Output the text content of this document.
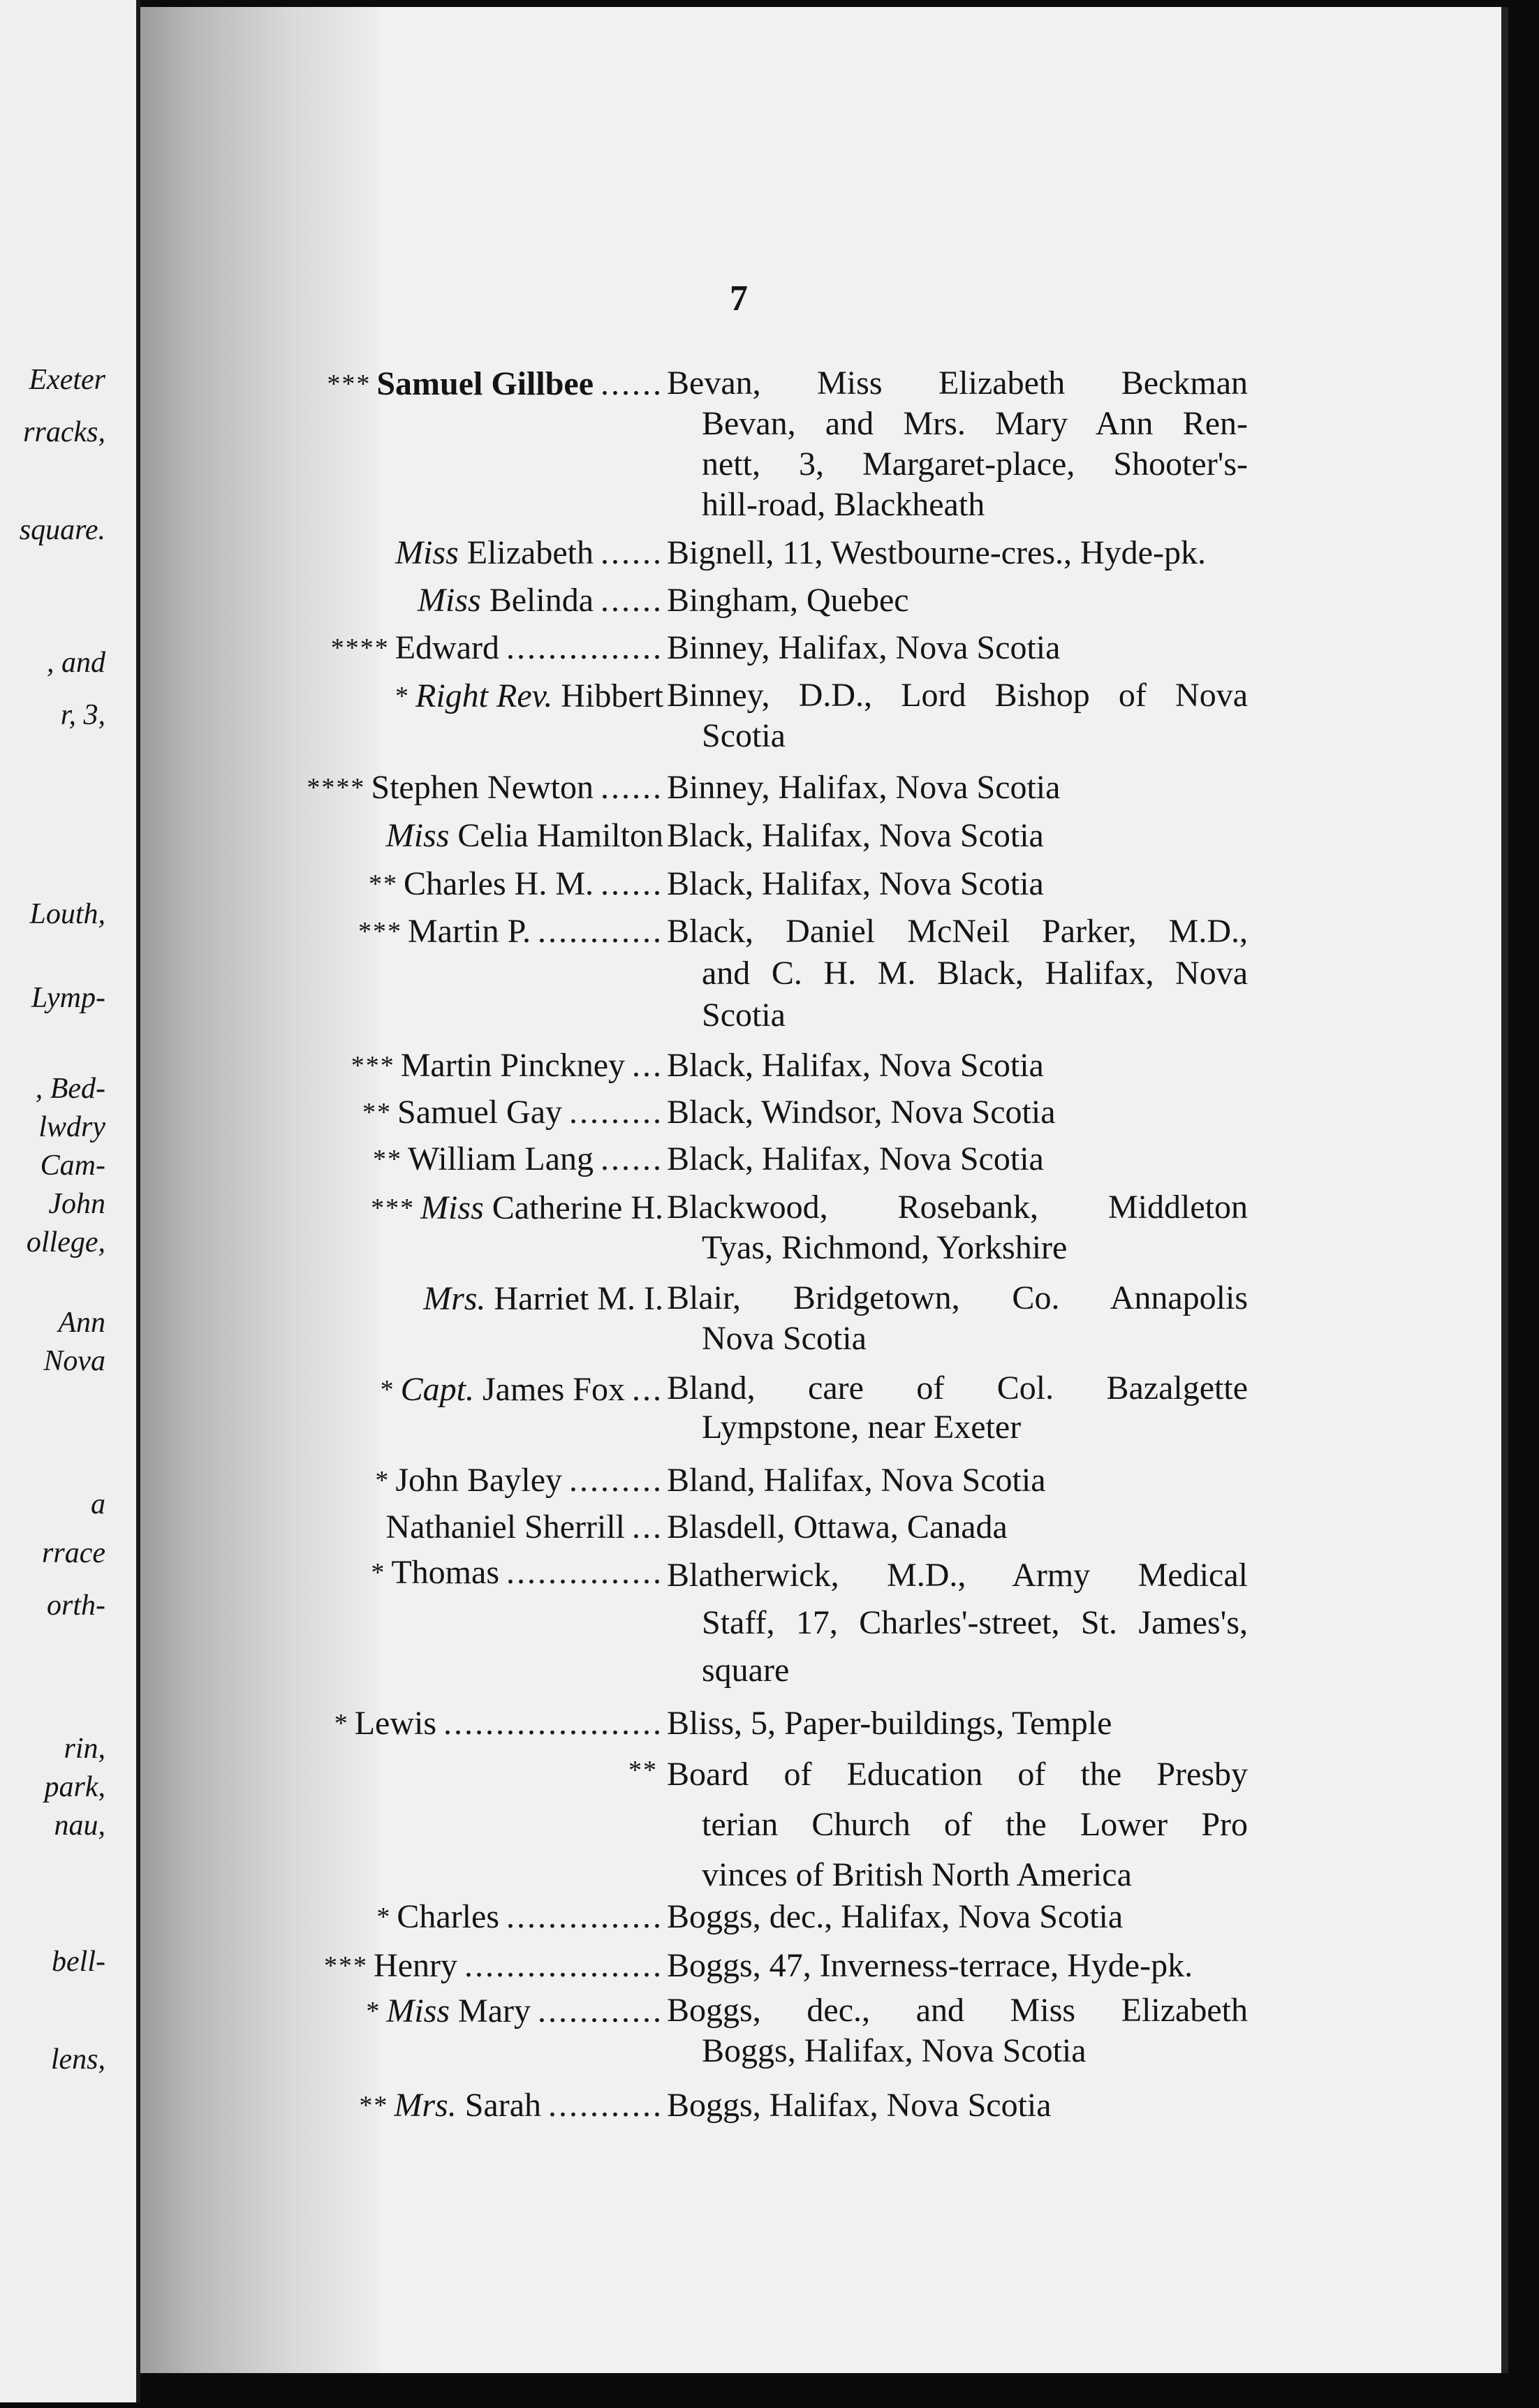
Exeter
rracks,
square.
, and
r, 3,
Louth,
Lymp-
, Bed-
lwdry
Cam-
John
ollege,
Ann
Nova
a
rrace
orth-
rin,
park,
nau,
bell-
lens,
7
*** Samuel Gillbee ...... Bevan, Miss Elizabeth Beckman
Bevan, and Mrs. Mary Ann Ren-
nett, 3, Margaret-place, Shooter's-
hill-road, Blackheath
Miss Elizabeth ...... Bignell, 11, Westbourne-cres., Hyde-pk.
Miss Belinda ...... Bingham, Quebec
**** Edward ............... Binney, Halifax, Nova Scotia
* Right Rev. Hibbert Binney, D.D., Lord Bishop of Nova
Scotia
**** Stephen Newton ...... Binney, Halifax, Nova Scotia
Miss Celia Hamilton Black, Halifax, Nova Scotia
** Charles H. M. ...... Black, Halifax, Nova Scotia
*** Martin P. ............ Black, Daniel McNeil Parker, M.D.,
and C. H. M. Black, Halifax, Nova
Scotia
*** Martin Pinckney ... Black, Halifax, Nova Scotia
** Samuel Gay ......... Black, Windsor, Nova Scotia
** William Lang ...... Black, Halifax, Nova Scotia
*** Miss Catherine H. Blackwood, Rosebank, Middleton
Tyas, Richmond, Yorkshire
Mrs. Harriet M. I. Blair, Bridgetown, Co. Annapolis
Nova Scotia
* Capt. James Fox ... Bland, care of Col. Bazalgette
Lympstone, near Exeter
* John Bayley ......... Bland, Halifax, Nova Scotia
Nathaniel Sherrill ... Blasdell, Ottawa, Canada
* Thomas ............... Blatherwick, M.D., Army Medical
Staff, 17, Charles'-street, St. James's,
square
* Lewis ..................... Bliss, 5, Paper-buildings, Temple
** Board of Education of the Presby
terian Church of the Lower Pro
vinces of British North America
* Charles ............... Boggs, dec., Halifax, Nova Scotia
*** Henry ................... Boggs, 47, Inverness-terrace, Hyde-pk.
* Miss Mary ............ Boggs, dec., and Miss Elizabeth
Boggs, Halifax, Nova Scotia
** Mrs. Sarah ........... Boggs, Halifax, Nova Scotia
